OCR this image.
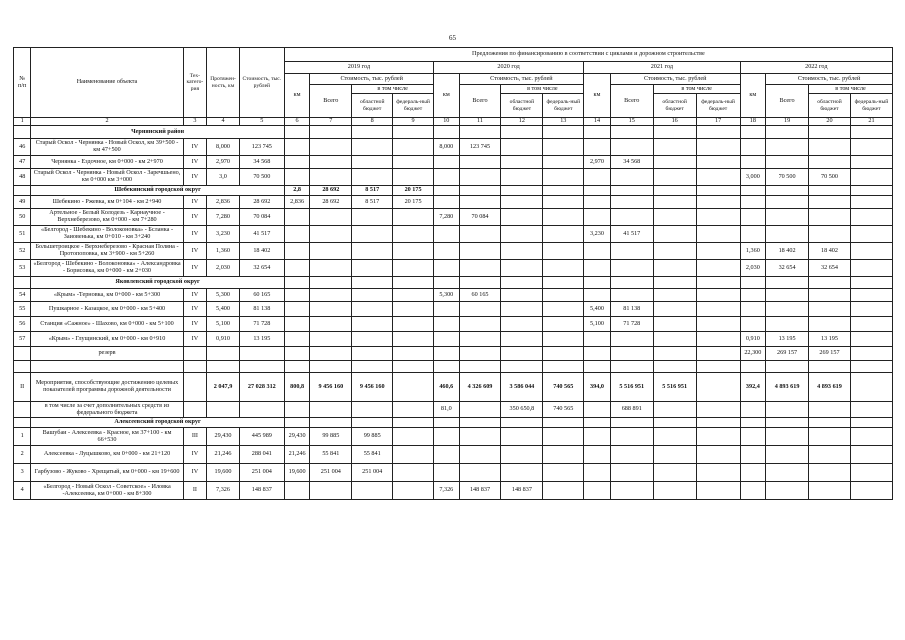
65
№ п/п	Наименование объекта	Тех-катего-рия	Протяжен-ность, км	Стоимость, тыс. рублей	Предложения по финансированию в соответствии с циклами и дорожном строительстве															
					2019 год				2020 год				2021 год				2022 год			
					км	Стоимость, тыс. рублей			км	Стоимость, тыс. рублей			км	Стоимость, тыс. рублей			км	Стоимость, тыс. рублей		
						Всего	в том числе			Всего	в том числе			Всего	в том числе			Всего	в том числе	
							областной бюджет	федераль-ный бюджет			областной бюджет	федераль-ный бюджет			областной бюджет	федераль-ный бюджет			областной бюджет	федераль-ный бюджет
1	2	3	4	5	6	7	8	9	10	11	12	13	14	15	16	17	18	19	20	21
	Чернянский район																			
46	Старый Оскол - Чернянка - Новый Оскол, км 39+500 - км 47+500	IV	8,000	123 745					8,000	123 745										
47	Чернянка - Ездочное, км 0+000 - км 2+970	IV	2,970	34 568									2,970	34 568						
48	Старый Оскол - Чернянка - Новый Оскол - Заречшьено, км 0+000 км 3+000	IV	3,0	70 500													3,000	70 500	70 500	
	Шебекинский городской округ				2,8	28 692	8 517	20 175												
49	Шебекино - Ржевка, км 0+104 - км 2+940	IV	2,836	28 692	2,836	28 692	8 517	20 175												
50	Артельное - Белый Колодезь - Карнаучное - Верхнеберезово, км 0+000 - км 7+280	IV	7,280	70 084					7,280	70 084										
51	«Белгород - Шебекино - Волоконовка» - Бсланка - Заиовенька, км 0+010 - км 3+240	IV	3,230	41 517									3,230	41 517						
52	Большетроицкое - Верхнеберезово - Красная Поляна - Протопоповка, км 3+900 - км 5+260	IV	1,360	18 402													1,360	18 402	18 402	
53	«Белгород - Шебекино - Волоконовка» - Александровка - Борисовка, км 0+000 - км 2+030	IV	2,030	32 654													2,030	32 654	32 654	
	Яковлевский городской округ																			
54	«Крым» -Терновка, км 0+000 - км 5+300	IV	5,300	60 165					5,300	60 165										
55	Пушкарное - Казацкое, км 0+000 - км 5+400	IV	5,400	81 138									5,400	81 138						
56	Станция «Сажное» - Шахово, км 0+000 - км 5+100	IV	5,100	71 728									5,100	71 728						
57	«Крым» - Глущинский, км 0+000 - км 0+910	IV	0,910	13 195													0,910	13 195	13 195	
	резерв																22,300	269 157	269 157	

II	Мероприятия, способствующие достижению целевых показателей программы дорожной деятельности		2 047,9	27 028 312	800,8	9 456 160	9 456 160		460,6	4 326 609	3 586 044	740 565	394,0	5 516 951	5 516 951		392,4	4 893 619	4 893 619	
	в том числе за счет дополнительных средств из федерального бюджета								81,0		350 650,8	740 565		688 891						
	Алексеевский городской округ																			
1	Вашубаи - Алексеевка - Красное, км 37+100 - км 66+530	III	29,430	445 989	29,430	99 885	99 885													
2	Алексеевка - Луцышково, км 0+000 - км 21+120	IV	21,246	288 041	21,246	55 841	55 841													
3	Гарбузово - Жуково - Хрещатый, км 0+000 - км 19+600	IV	19,600	251 004	19,600	251 004	251 004													
4	«Белгород - Новый Оскол - Советское» - Иловка -Алексеевка, км 0+000 - км 8+300	II	7,326	148 837					7,326	148 837	148 837									
